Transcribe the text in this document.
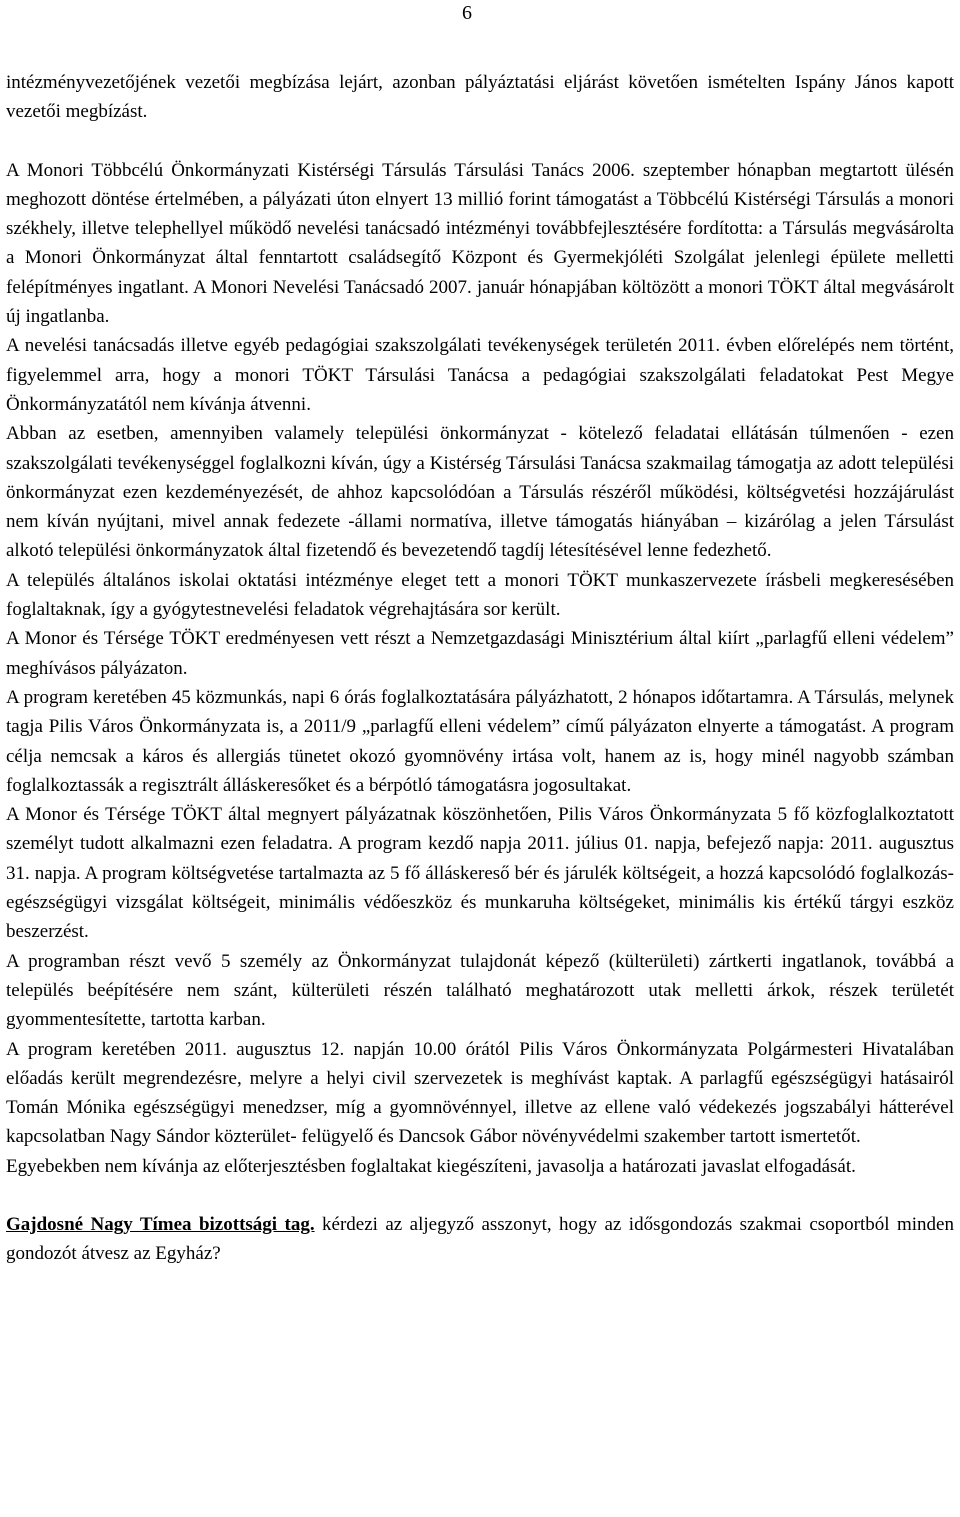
6

intézményvezetőjének vezetői megbízása lejárt, azonban pályáztatási eljárást követően ismételten Ispány János kapott vezetői megbízást.

A Monori Többcélú Önkormányzati Kistérségi Társulás Társulási Tanács 2006. szeptember hónapban megtartott ülésén meghozott döntése értelmében, a pályázati úton elnyert 13 millió forint támogatást a Többcélú Kistérségi Társulás a monori székhely, illetve telephellyel működő nevelési tanácsadó intézményi továbbfejlesztésére fordította: a Társulás megvásárolta a Monori Önkormányzat által fenntartott családsegítő Központ és Gyermekjóléti Szolgálat jelenlegi épülete melletti felépítményes ingatlant. A Monori Nevelési Tanácsadó 2007. január hónapjában költözött a monori TÖKT által megvásárolt új ingatlanba.

A nevelési tanácsadás illetve egyéb pedagógiai szakszolgálati tevékenységek területén 2011. évben előrelépés nem történt, figyelemmel arra, hogy a monori TÖKT Társulási Tanácsa a pedagógiai szakszolgálati feladatokat Pest Megye Önkormányzatától nem kívánja átvenni.

Abban az esetben, amennyiben valamely települési önkormányzat - kötelező feladatai ellátásán túlmenően - ezen szakszolgálati tevékenységgel foglalkozni kíván, úgy a Kistérség Társulási Tanácsa szakmailag támogatja az adott települési önkormányzat ezen kezdeményezését, de ahhoz kapcsolódóan a Társulás részéről működési, költségvetési hozzájárulást nem kíván nyújtani, mivel annak fedezete -állami normatíva, illetve támogatás hiányában – kizárólag a jelen Társulást alkotó települési önkormányzatok által fizetendő és bevezetendő tagdíj létesítésével lenne fedezhető.

A település általános iskolai oktatási intézménye eleget tett a monori TÖKT munkaszervezete írásbeli megkeresésében foglaltaknak, így a gyógytestnevelési feladatok végrehajtására sor került.

A Monor és Térsége TÖKT eredményesen vett részt a Nemzetgazdasági Minisztérium által kiírt „parlagfű elleni védelem” meghívásos pályázaton.

A program keretében 45 közmunkás, napi 6 órás foglalkoztatására pályázhatott, 2 hónapos időtartamra. A Társulás, melynek tagja Pilis Város Önkormányzata is, a 2011/9 „parlagfű elleni védelem” című pályázaton elnyerte a támogatást. A program célja nemcsak a káros és allergiás tünetet okozó gyomnövény irtása volt, hanem az is, hogy minél nagyobb számban foglalkoztassák a regisztrált álláskeresőket és a bérpótló támogatásra jogosultakat.

A Monor és Térsége TÖKT által megnyert pályázatnak köszönhetően, Pilis Város Önkormányzata 5 fő közfoglalkoztatott személyt tudott alkalmazni ezen feladatra. A program kezdő napja 2011. július 01. napja, befejező napja: 2011. augusztus 31. napja. A program költségvetése tartalmazta az 5 fő álláskereső bér és járulék költségeit, a hozzá kapcsolódó foglalkozás- egészségügyi vizsgálat költségeit, minimális védőeszköz és munkaruha költségeket, minimális kis értékű tárgyi eszköz beszerzést.

A programban részt vevő 5 személy az Önkormányzat tulajdonát képező (külterületi) zártkerti ingatlanok, továbbá a település beépítésére nem szánt, külterületi részén található meghatározott utak melletti árkok, részek területét gyommentesítette, tartotta karban.

A program keretében 2011. augusztus 12. napján 10.00 órától Pilis Város Önkormányzata Polgármesteri Hivatalában előadás került megrendezésre, melyre a helyi civil szervezetek is meghívást kaptak. A parlagfű egészségügyi hatásairól Tomán Mónika egészségügyi menedzser, míg a gyomnövénnyel, illetve az ellene való védekezés jogszabályi hátterével kapcsolatban Nagy Sándor közterület- felügyelő és Dancsok Gábor növényvédelmi szakember tartott ismertetőt.

Egyebekben nem kívánja az előterjesztésben foglaltakat kiegészíteni, javasolja a határozati javaslat elfogadását.

Gajdosné Nagy Tímea bizottsági tag. kérdezi az aljegyző asszonyt, hogy az idősgondozás szakmai csoportból minden gondozót átvesz az Egyház?
